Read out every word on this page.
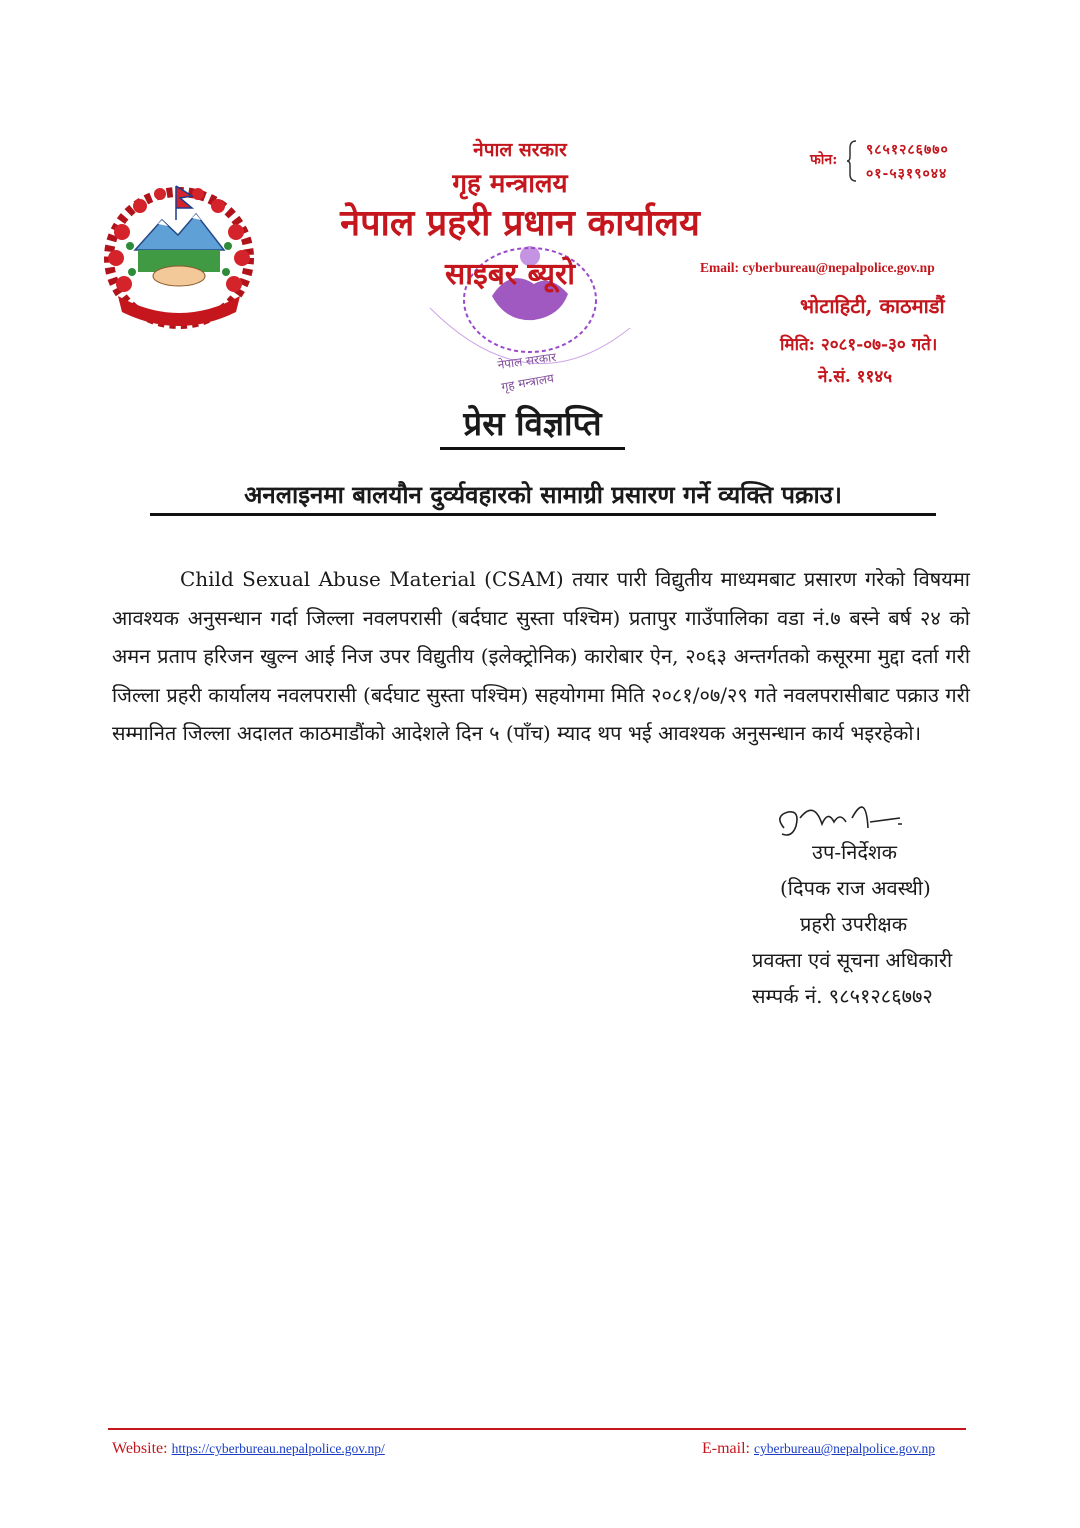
नेपाल सरकार
गृह मन्त्रालय
नेपाल प्रहरी प्रधान कार्यालय
नेपाल सरकार
गृह मन्त्रालय
साइबर ब्यूरो
फोन:
९८५१२८६७७०
०१-५३१९०४४
Email: cyberbureau@nepalpolice.gov.np
भोटाहिटी, काठमाडौं
मिति: २०८१-०७-३० गते।
ने.सं. ११४५
प्रेस विज्ञप्ति
अनलाइनमा बालयौन दुर्व्यवहारको सामाग्री प्रसारण गर्ने व्यक्ति पक्राउ।
Child Sexual Abuse Material (CSAM) तयार पारी विद्युतीय माध्यमबाट प्रसारण गरेको विषयमा आवश्यक अनुसन्धान गर्दा जिल्ला नवलपरासी (बर्दघाट सुस्ता पश्चिम) प्रतापुर गाउँपालिका वडा नं.७ बस्ने बर्ष २४ को अमन प्रताप हरिजन खुल्न आई निज उपर विद्युतीय (इलेक्ट्रोनिक) कारोबार ऐन, २०६३ अन्तर्गतको कसूरमा मुद्दा दर्ता गरी जिल्ला प्रहरी कार्यालय नवलपरासी (बर्दघाट सुस्ता पश्चिम) सहयोगमा मिति २०८१/०७/२९ गते नवलपरासीबाट पक्राउ गरी सम्मानित जिल्ला अदालत काठमाडौंको आदेशले दिन ५ (पाँच) म्याद थप भई आवश्यक अनुसन्धान कार्य भइरहेको।
उप-निर्देशक
(दिपक राज अवस्थी)
प्रहरी उपरीक्षक
प्रवक्ता एवं सूचना अधिकारी
सम्पर्क नं. ९८५१२८६७७२
Website: https://cyberbureau.nepalpolice.gov.np/	E-mail: cyberbureau@nepalpolice.gov.np
